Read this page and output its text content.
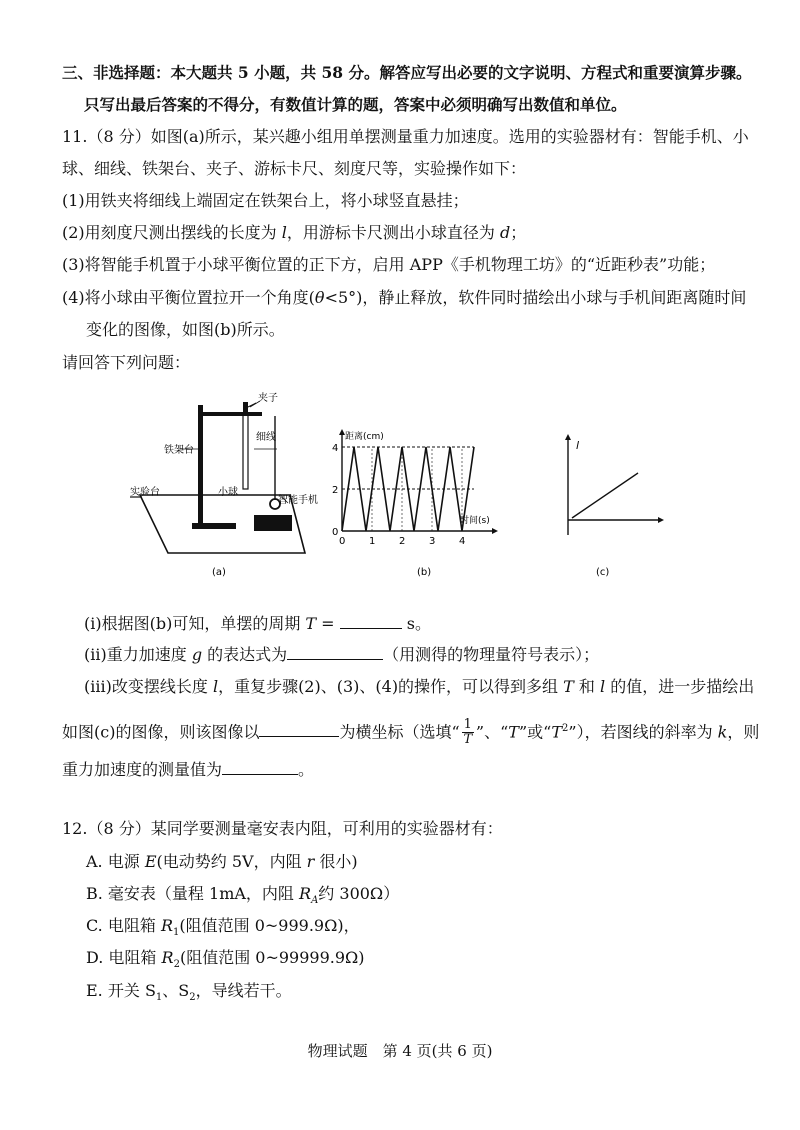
三、非选择题：本大题共 5 小题，共 58 分。解答应写出必要的文字说明、方程式和重要演算步骤。
只写出最后答案的不得分，有数值计算的题，答案中必须明确写出数值和单位。
11.（8 分）如图(a)所示，某兴趣小组用单摆测量重力加速度。选用的实验器材有：智能手机、小
球、细线、铁架台、夹子、游标卡尺、刻度尺等，实验操作如下：
(1)用铁夹将细线上端固定在铁架台上，将小球竖直悬挂；
(2)用刻度尺测出摆线的长度为 l，用游标卡尺测出小球直径为 d；
(3)将智能手机置于小球平衡位置的正下方，启用 APP《手机物理工坊》的“近距秒表”功能；
(4)将小球由平衡位置拉开一个角度(θ<5°)，静止释放，软件同时描绘出小球与手机间距离随时间
变化的图像，如图(b)所示。
请回答下列问题：
夹子
细线
铁架台
小球
智能手机
实验台
(a)
距离(cm)
时间(s)
(b)
4
2
0
1 2 3 4
0
l
(c)
(i)根据图(b)可知，单摆的周期 T =	s。
(ii)重力加速度 g 的表达式为	（用测得的物理量符号表示）；
(iii)改变摆线长度 l，重复步骤(2)、(3)、(4)的操作，可以得到多组 T 和 l 的值，进一步描绘出
如图(c)的图像，则该图像以	为横坐标（选填“ $\frac{1}{T}$ ”、“T”或“$T^2$”），若图线的斜率为 k，则
重力加速度的测量值为	。
12.（8 分）某同学要测量毫安表内阻，可利用的实验器材有：
A. 电源 E(电动势约 5V，内阻 r 很小)
B. 毫安表（量程 1mA，内阻 $R_A$约 300Ω）
C. 电阻箱 $R_1$(阻值范围 0~999.9Ω)，
D. 电阻箱 $R_2$(阻值范围 0~99999.9Ω)
E. 开关 $S_1$、$S_2$，导线若干。
物理试题　第 4 页(共 6 页)
